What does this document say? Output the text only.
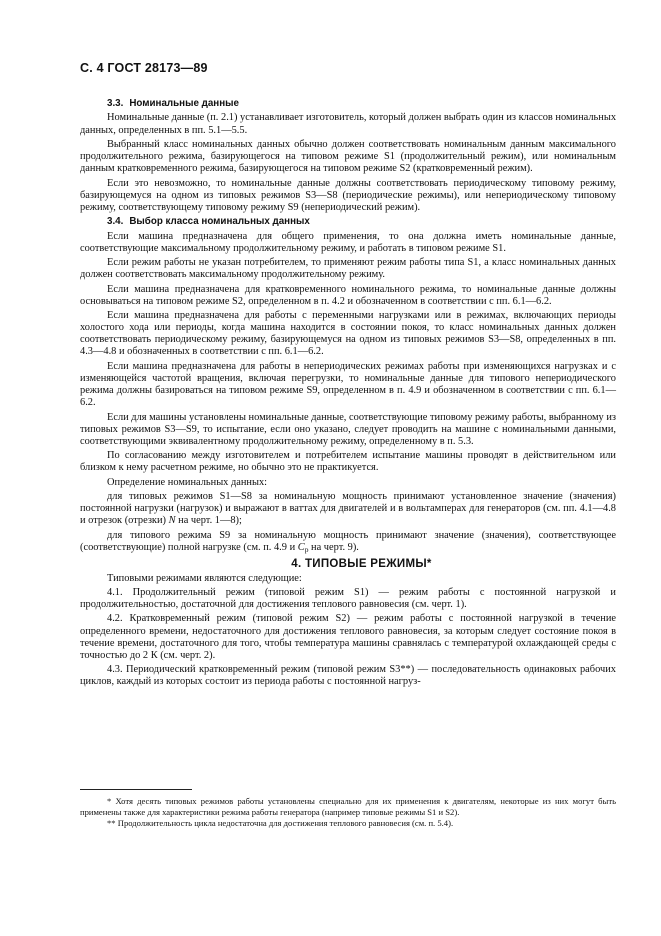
С. 4 ГОСТ 28173—89

3.3. Номинальные данные

Номинальные данные (п. 2.1) устанавливает изготовитель, который должен выбрать один из классов номинальных данных, определенных в пп. 5.1—5.5.

Выбранный класс номинальных данных обычно должен соответствовать номинальным данным максимального продолжительного режима, базирующегося на типовом режиме S1 (продолжительный режим), или номинальным данным кратковременного режима, базирующегося на типовом режиме S2 (кратковременный режим).

Если это невозможно, то номинальные данные должны соответствовать периодическому типовому режиму, базирующемуся на одном из типовых режимов S3—S8 (периодические режимы), или непериодическому типовому режиму, соответствующему типовому режиму S9 (непериодический режим).

3.4. Выбор класса номинальных данных

Если машина предназначена для общего применения, то она должна иметь номинальные данные, соответствующие максимальному продолжительному режиму, и работать в типовом режиме S1.

Если режим работы не указан потребителем, то применяют режим работы типа S1, а класс номинальных данных должен соответствовать максимальному продолжительному режиму.

Если машина предназначена для кратковременного номинального режима, то номинальные данные должны основываться на типовом режиме S2, определенном в п. 4.2 и обозначенном в соответствии с пп. 6.1—6.2.

Если машина предназначена для работы с переменными нагрузками или в режимах, включающих периоды холостого хода или периоды, когда машина находится в состоянии покоя, то класс номинальных данных должен соответствовать периодическому режиму, базирующемуся на одном из типовых режимов S3—S8, определенных в пп. 4.3—4.8 и обозначенных в соответствии с пп. 6.1—6.2.

Если машина предназначена для работы в непериодических режимах работы при изменяющихся нагрузках и с изменяющейся частотой вращения, включая перегрузки, то номинальные данные для типового непериодического режима должны базироваться на типовом режиме S9, определенном в п. 4.9 и обозначенном в соответствии с пп. 6.1—6.2.

Если для машины установлены номинальные данные, соответствующие типовому режиму работы, выбранному из типовых режимов S3—S9, то испытание, если оно указано, следует проводить на машине с номинальными данными, соответствующими эквивалентному продолжительному режиму, определенному в п. 5.3.

По согласованию между изготовителем и потребителем испытание машины проводят в действительном или близком к нему расчетном режиме, но обычно это не практикуется.

Определение номинальных данных:

для типовых режимов S1—S8 за номинальную мощность принимают установленное значение (значения) постоянной нагрузки (нагрузок) и выражают в ваттах для двигателей и в вольтамперах для генераторов (см. пп. 4.1—4.8 и отрезок (отрезки) N на черт. 1—8);

для типового режима S9 за номинальную мощность принимают значение (значения), соответствующее (соответствующие) полной нагрузке (см. п. 4.9 и $C_p$ на черт. 9).

4. ТИПОВЫЕ РЕЖИМЫ*

Типовыми режимами являются следующие:

4.1. Продолжительный режим (типовой режим S1) — режим работы с постоянной нагрузкой и продолжительностью, достаточной для достижения теплового равновесия (см. черт. 1).

4.2. Кратковременный режим (типовой режим S2) — режим работы с постоянной нагрузкой в течение определенного времени, недостаточного для достижения теплового равновесия, за которым следует состояние покоя в течение времени, достаточного для того, чтобы температура машины сравнялась с температурой охлаждающей среды с точностью до 2 К (см. черт. 2).

4.3. Периодический кратковременный режим (типовой режим S3**) — последовательность одинаковых рабочих циклов, каждый из которых состоит из периода работы с постоянной нагруз-

* Хотя десять типовых режимов работы установлены специально для их применения к двигателям, некоторые из них могут быть применены также для характеристики режима работы генератора (например типовые режимы S1 и S2).

** Продолжительность цикла недостаточна для достижения теплового равновесия (см. п. 5.4).
